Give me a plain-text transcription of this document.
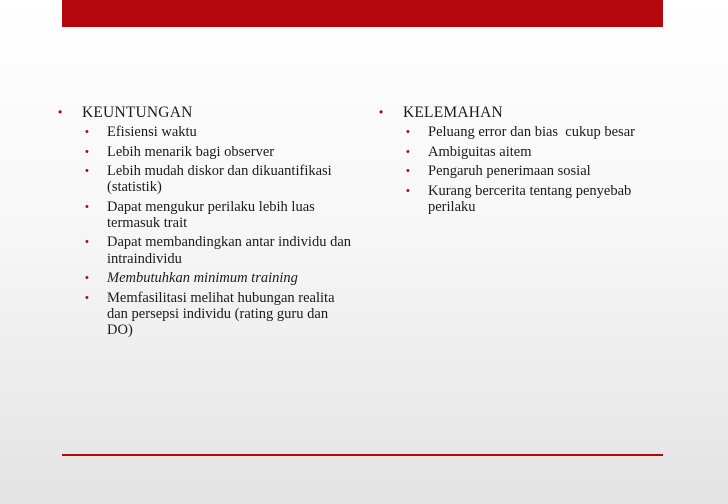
• KEUNTUNGAN
• Efisiensi waktu
• Lebih menarik bagi observer
• Lebih mudah diskor dan dikuantifikasi (statistik)
• Dapat mengukur perilaku lebih luas termasuk trait
• Dapat membandingkan antar individu dan intraindividu
• Membutuhkan minimum training
• Memfasilitasi melihat hubungan realita dan persepsi individu (rating guru dan DO)
• KELEMAHAN
• Peluang error dan bias  cukup besar
• Ambiguitas aitem
• Pengaruh penerimaan sosial
• Kurang bercerita tentang penyebab perilaku
